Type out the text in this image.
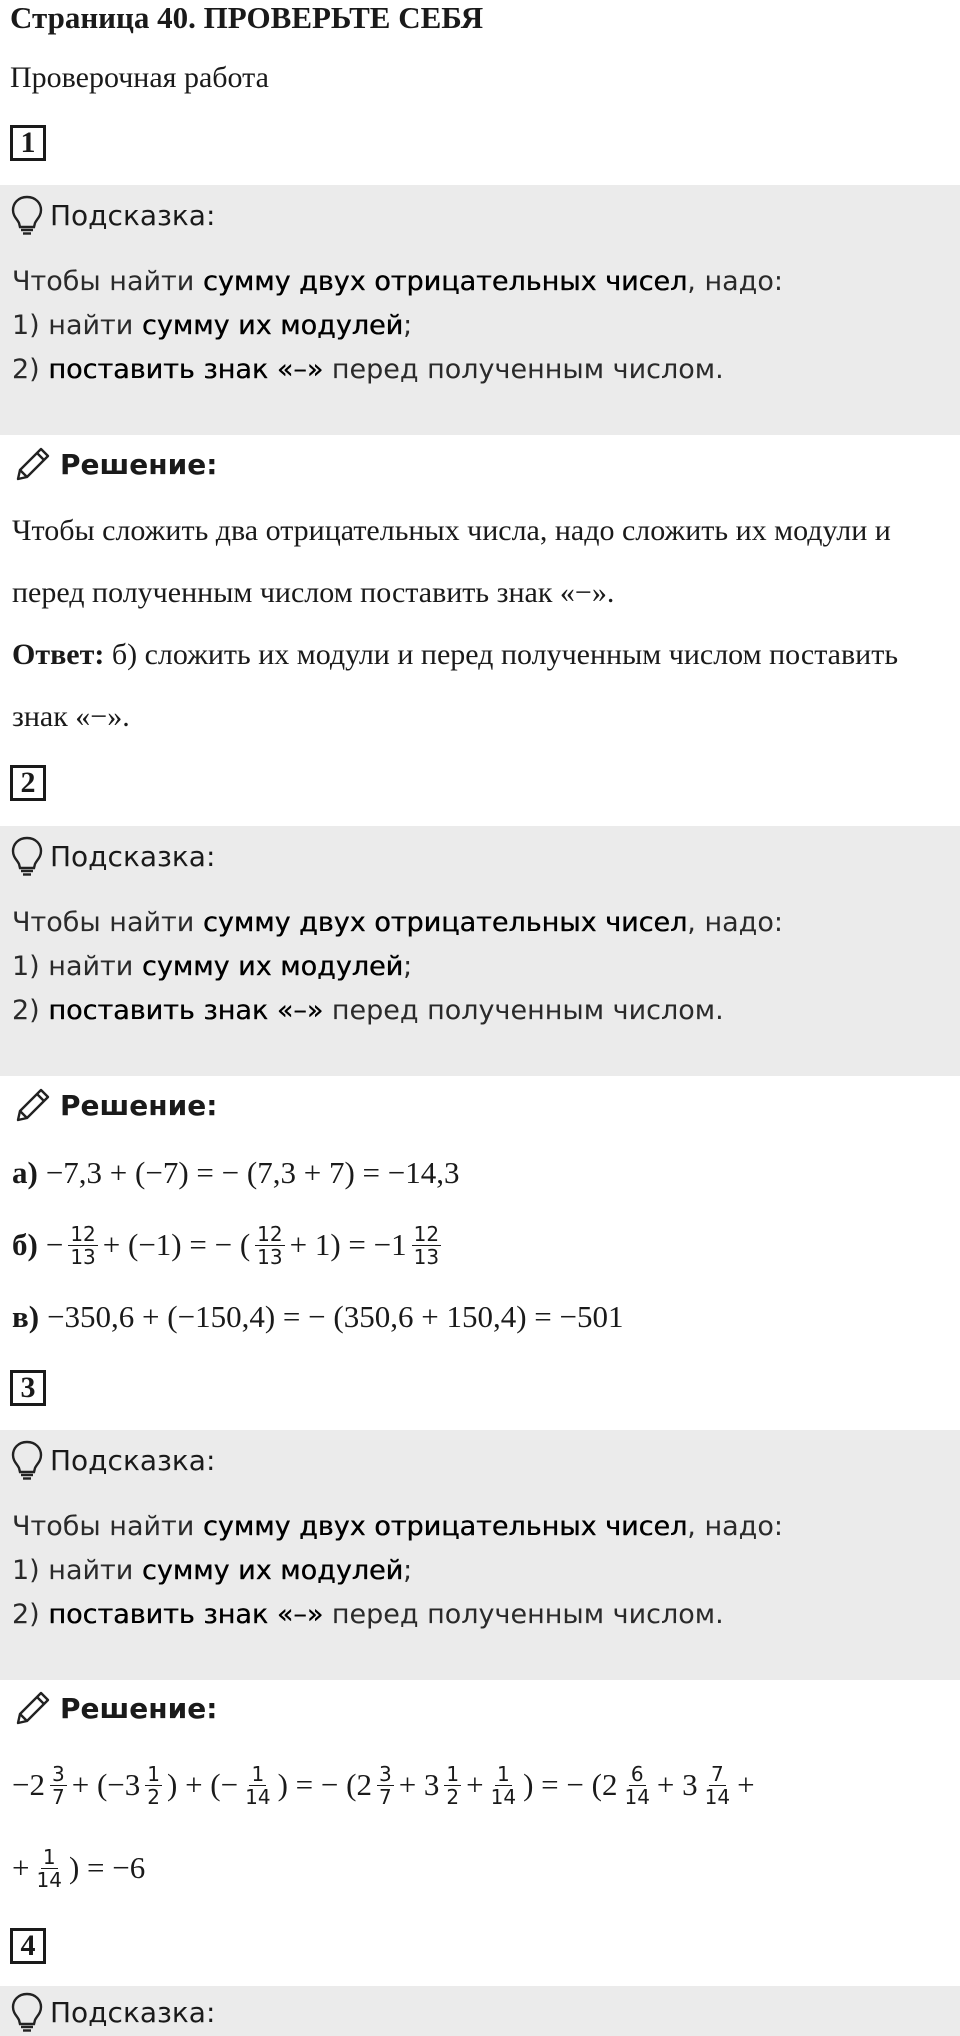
Страница 40. ПРОВЕРЬТЕ СЕБЯ
Проверочная работа
1
Подсказка:
Чтобы найти сумму двух отрицательных чисел, надо:
1) найти сумму их модулей;
2) поставить знак «–» перед полученным числом.
Решение:
Чтобы сложить два отрицательных числа, надо сложить их модули и перед полученным числом поставить знак «−».
Ответ: б) сложить их модули и перед полученным числом поставить знак «−».
2
Подсказка:
Чтобы найти сумму двух отрицательных чисел, надо:
1) найти сумму их модулей;
2) поставить знак «–» перед полученным числом.
Решение:
а) −7,3 + (−7) = − (7,3 + 7) = −14,3
$б) - \frac{12}{13} + (-1)$ = − ( $\frac{12}{13} + 1) = -1 \frac{12}{13}$
в) −350,6 + (−150,4) = − (350,6 + 150,4) = −501
3
Подсказка:
Чтобы найти сумму двух отрицательных чисел, надо:
1) найти сумму их модулей;
2) поставить знак «–» перед полученным числом.
Решение:
$-2 \frac{3}{7} + (-3 \frac{1}{2}$ ) + (− $\frac{1}{14}$ ) = − ($2 \frac{3}{7} + 3 \frac{1}{2} + \frac{1}{14}$ ) = − ($2 \frac{6}{14} + 3 \frac{7}{14}$ +
+ $\frac{1}{14}$ ) = −6
4
Подсказка:
